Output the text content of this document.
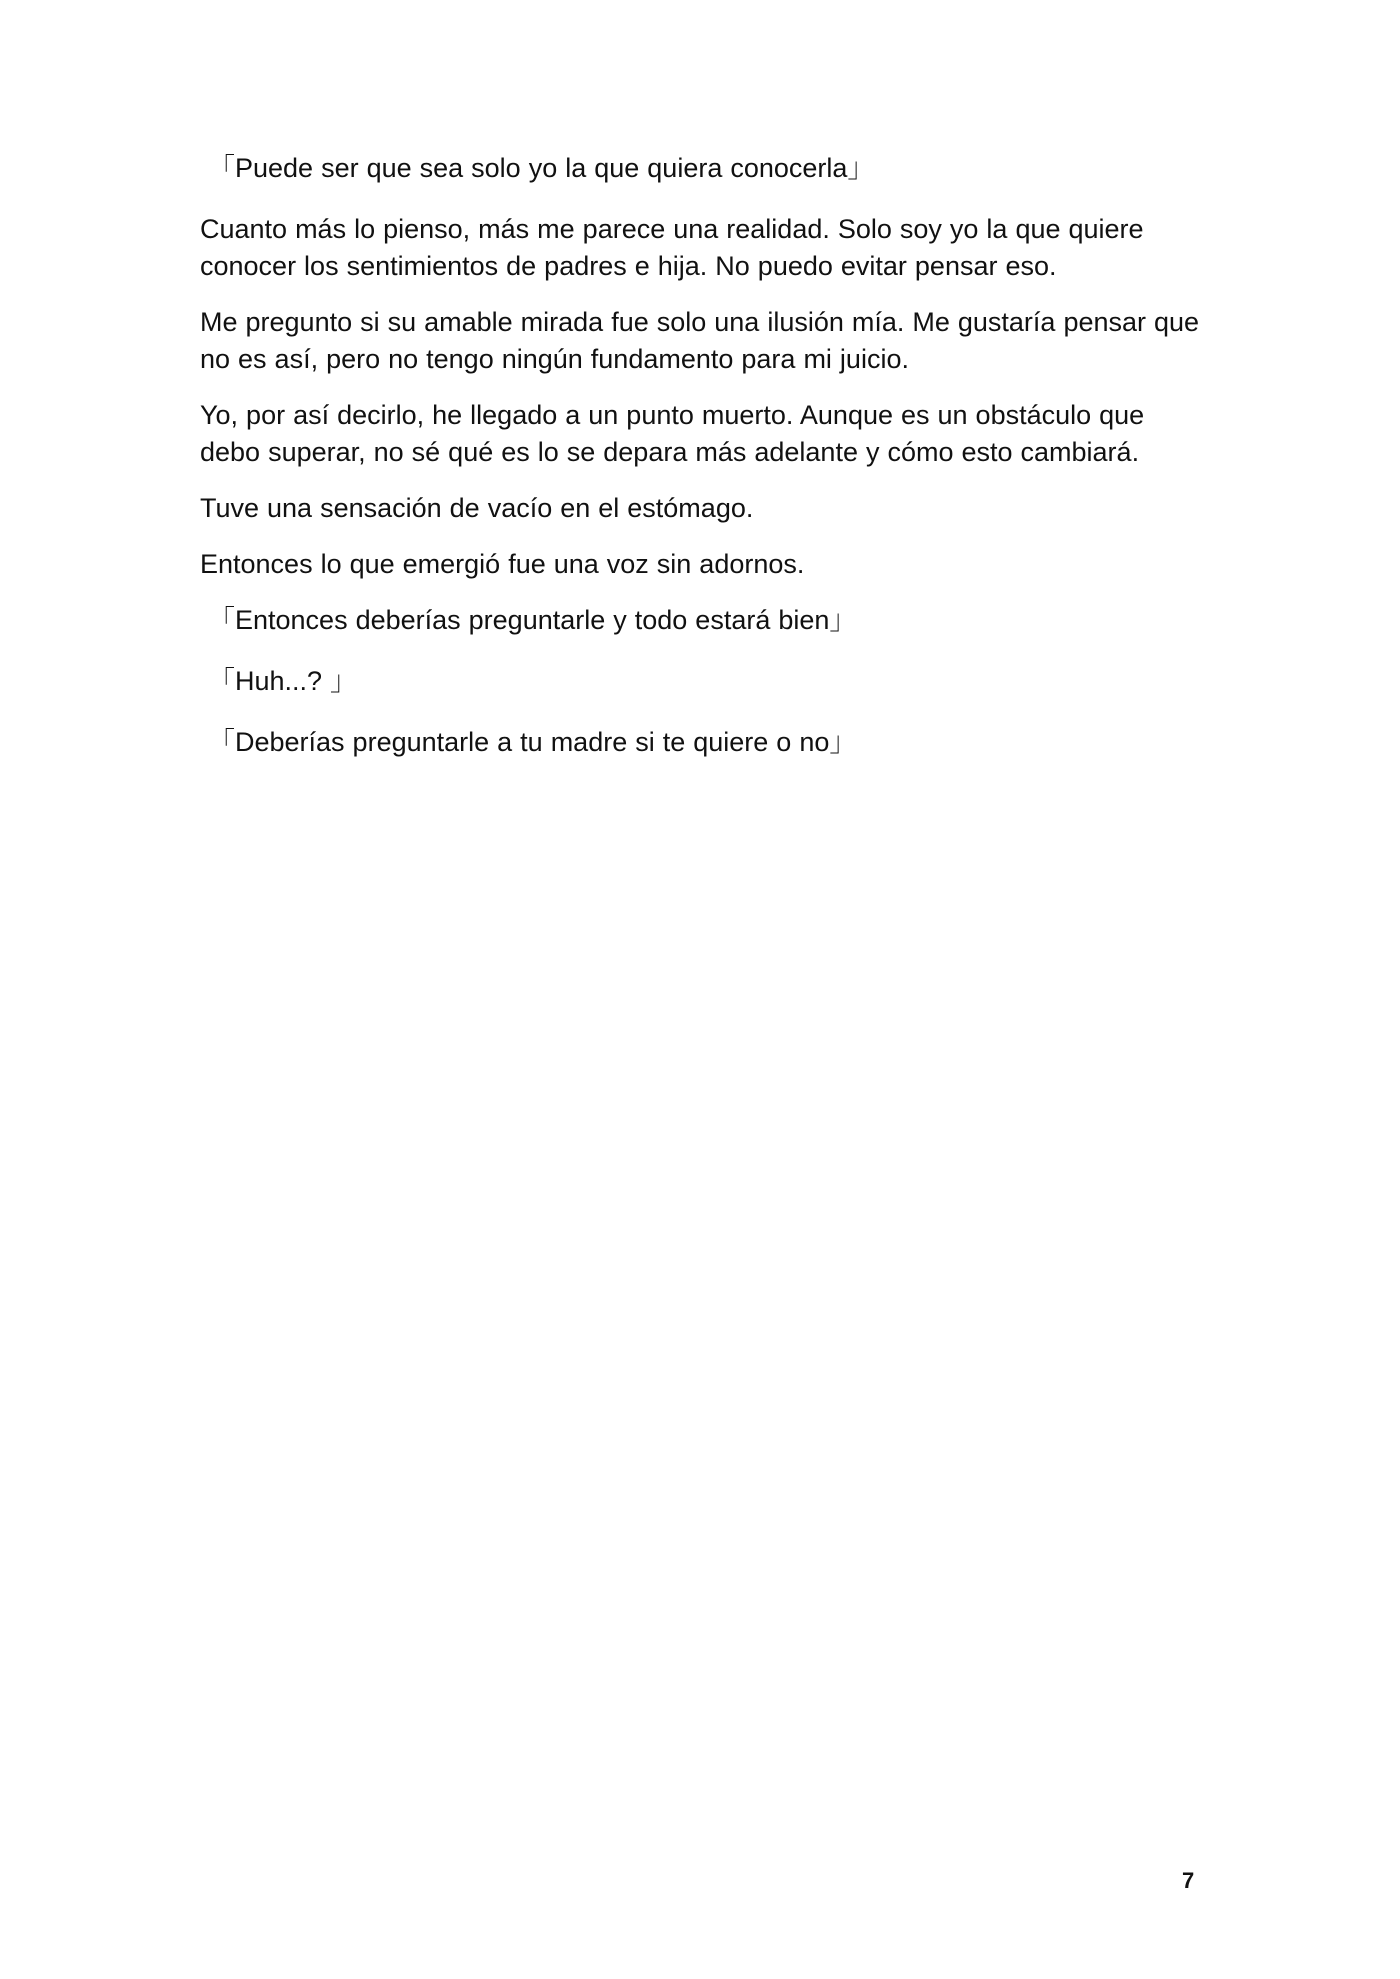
「Puede ser que sea solo yo la que quiera conocerla」

Cuanto más lo pienso, más me parece una realidad. Solo soy yo la que quiere conocer los sentimientos de padres e hija. No puedo evitar pensar eso.

Me pregunto si su amable mirada fue solo una ilusión mía. Me gustaría pensar que no es así, pero no tengo ningún fundamento para mi juicio.

Yo, por así decirlo, he llegado a un punto muerto. Aunque es un obstáculo que debo superar, no sé qué es lo se depara más adelante y cómo esto cambiará.

Tuve una sensación de vacío en el estómago.

Entonces lo que emergió fue una voz sin adornos.

「Entonces deberías preguntarle y todo estará bien」

「Huh...? 」

「Deberías preguntarle a tu madre si te quiere o no」

7
